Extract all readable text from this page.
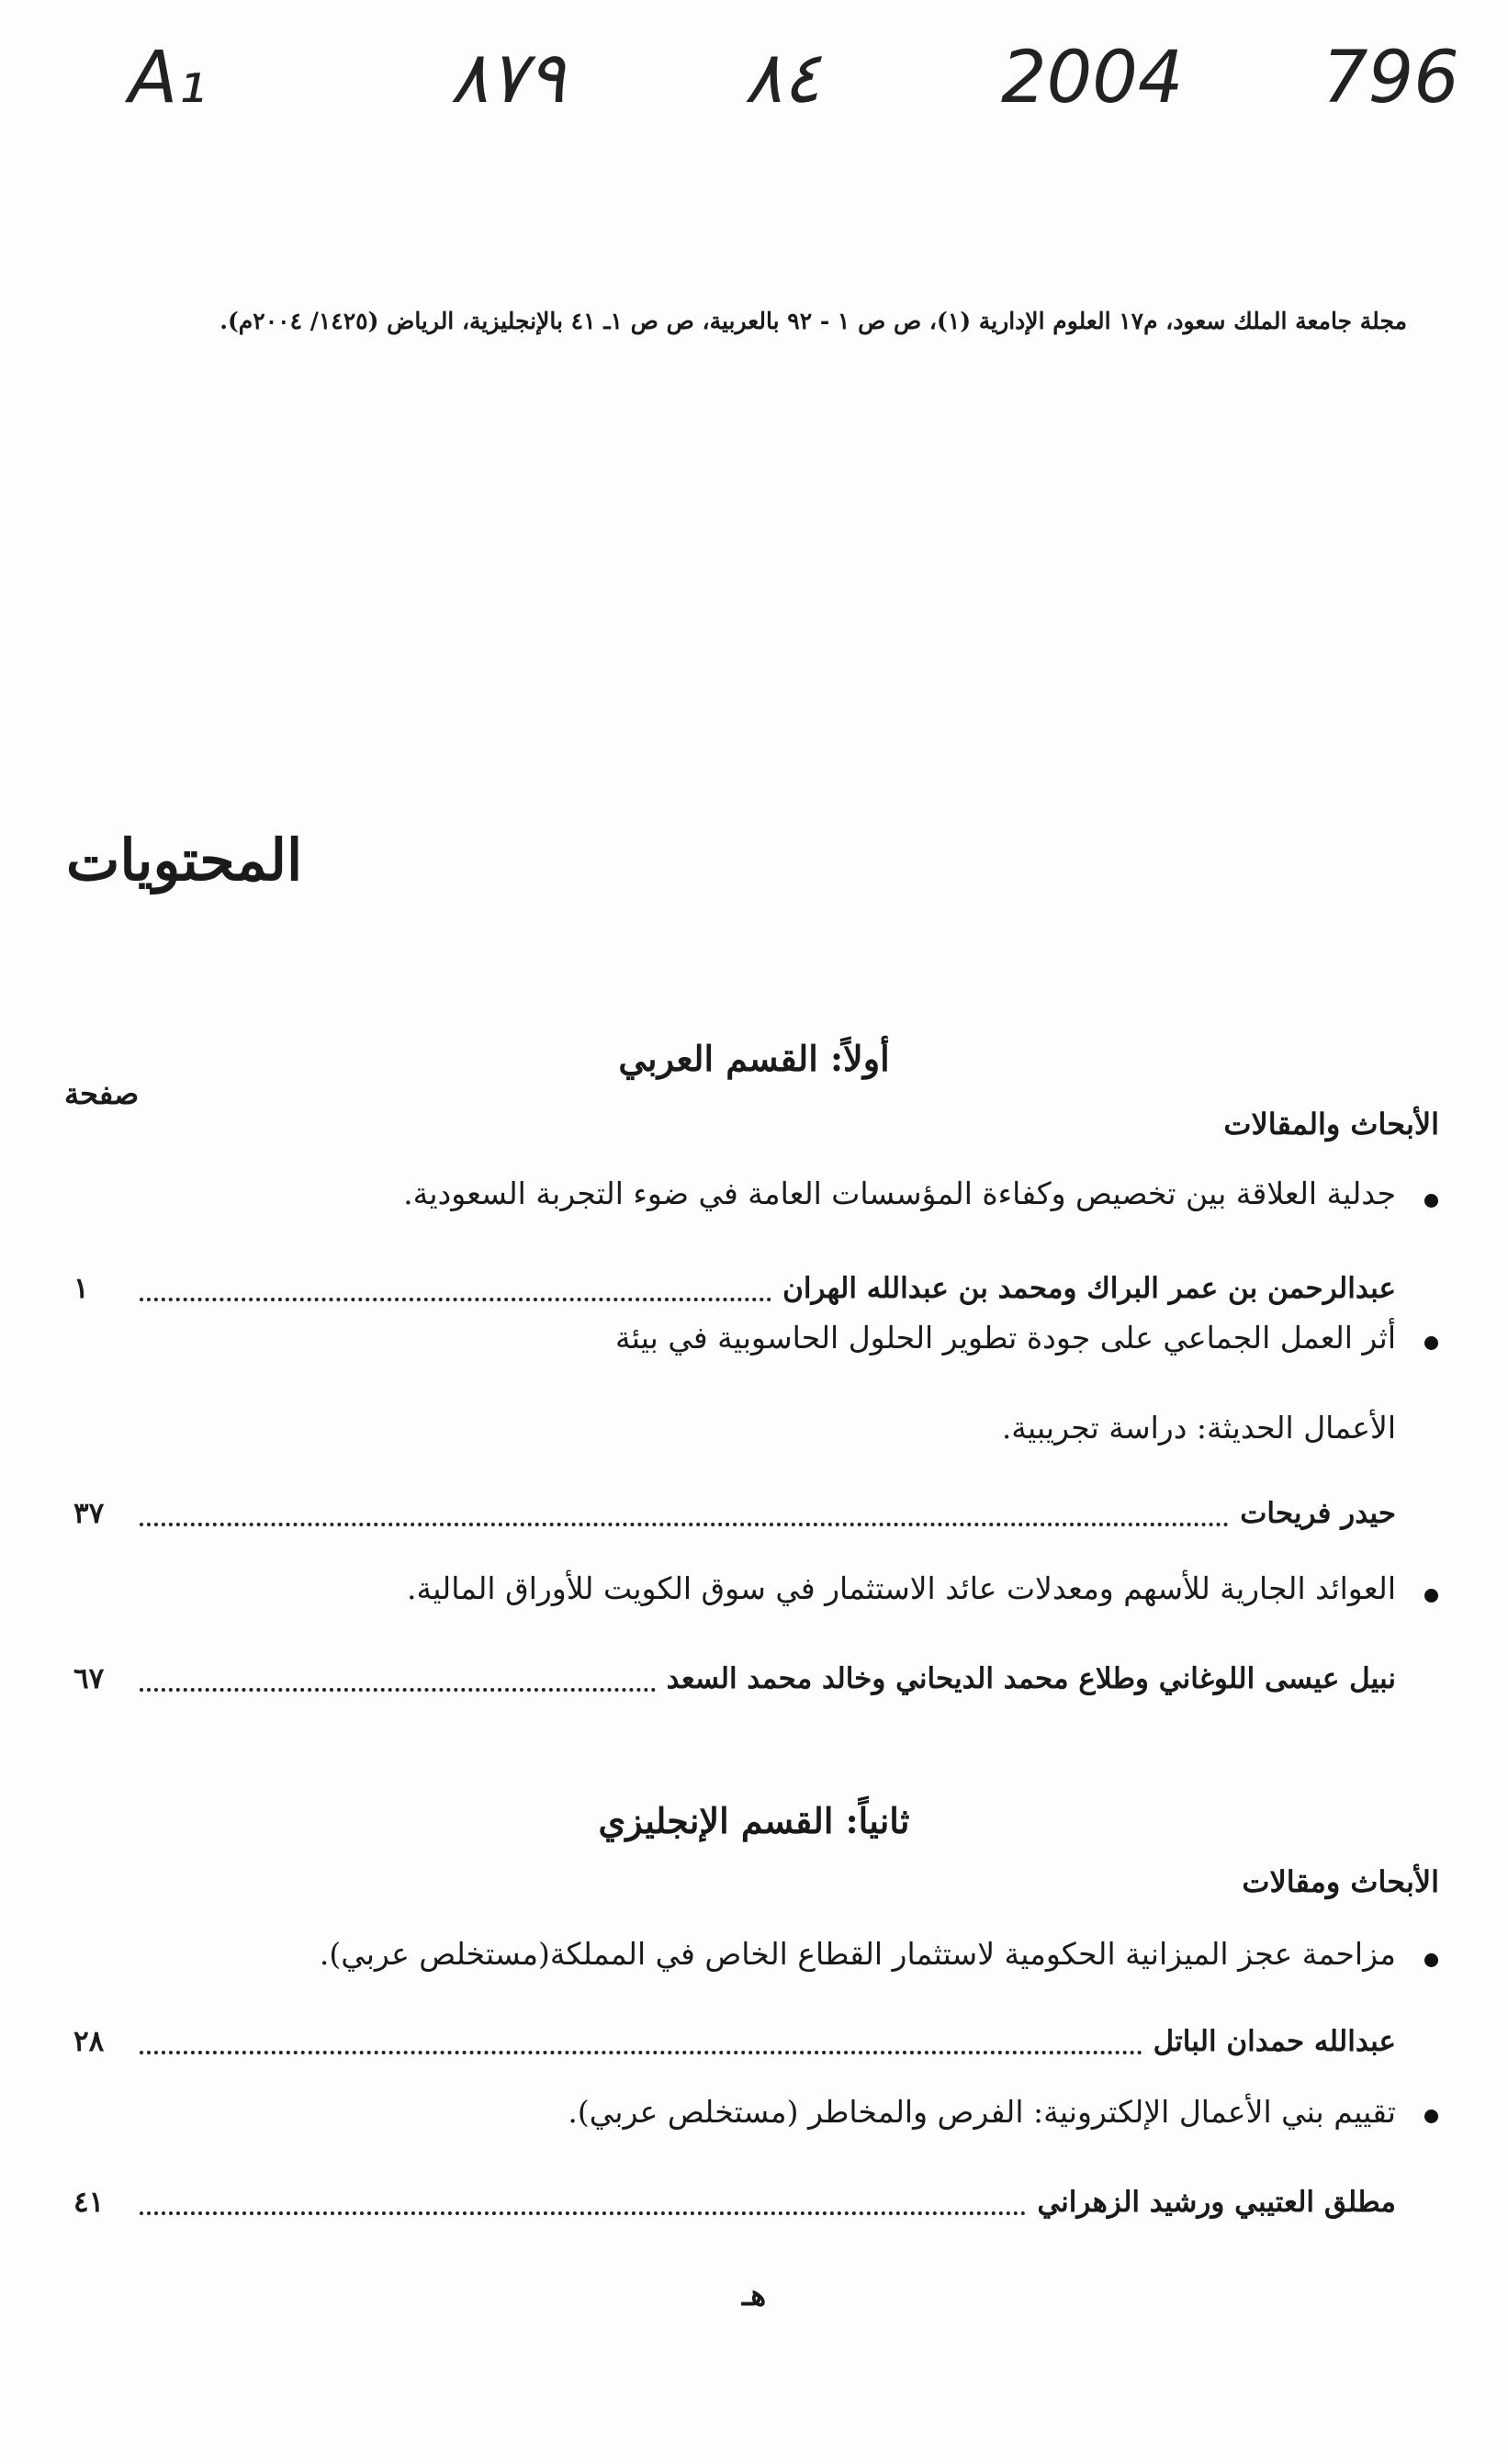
A₁	٨٧٩ ٨٤	2004 796
مجلة جامعة الملك سعود، م١٧ العلوم الإدارية (١)، ص ص ١ - ٩٢ بالعربية، ص ص ١ـ ٤١ بالإنجليزية، الرياض (١٤٢٥/ ٢٠٠٤م).
المحتويات
أولاً: القسم العربي
صفحة
الأبحاث والمقالات
جدلية العلاقة بين تخصيص وكفاءة المؤسسات العامة في ضوء التجربة السعودية.
عبدالرحمن بن عمر البراك ومحمد بن عبدالله الهران
١
أثر العمل الجماعي على جودة تطوير الحلول الحاسوبية في بيئة
الأعمال الحديثة: دراسة تجريبية.
حيدر فريحات
٣٧
العوائد الجارية للأسهم ومعدلات عائد الاستثمار في سوق الكويت للأوراق المالية.
نبيل عيسى اللوغاني وطلاع محمد الديحاني وخالد محمد السعد
٦٧
ثانياً: القسم الإنجليزي
الأبحاث ومقالات
مزاحمة عجز الميزانية الحكومية لاستثمار القطاع الخاص في المملكة(مستخلص عربي).
عبدالله حمدان الباتل
٢٨
تقييم بني الأعمال الإلكترونية: الفرص والمخاطر (مستخلص عربي).
مطلق العتيبي ورشيد الزهراني
٤١
هـ
